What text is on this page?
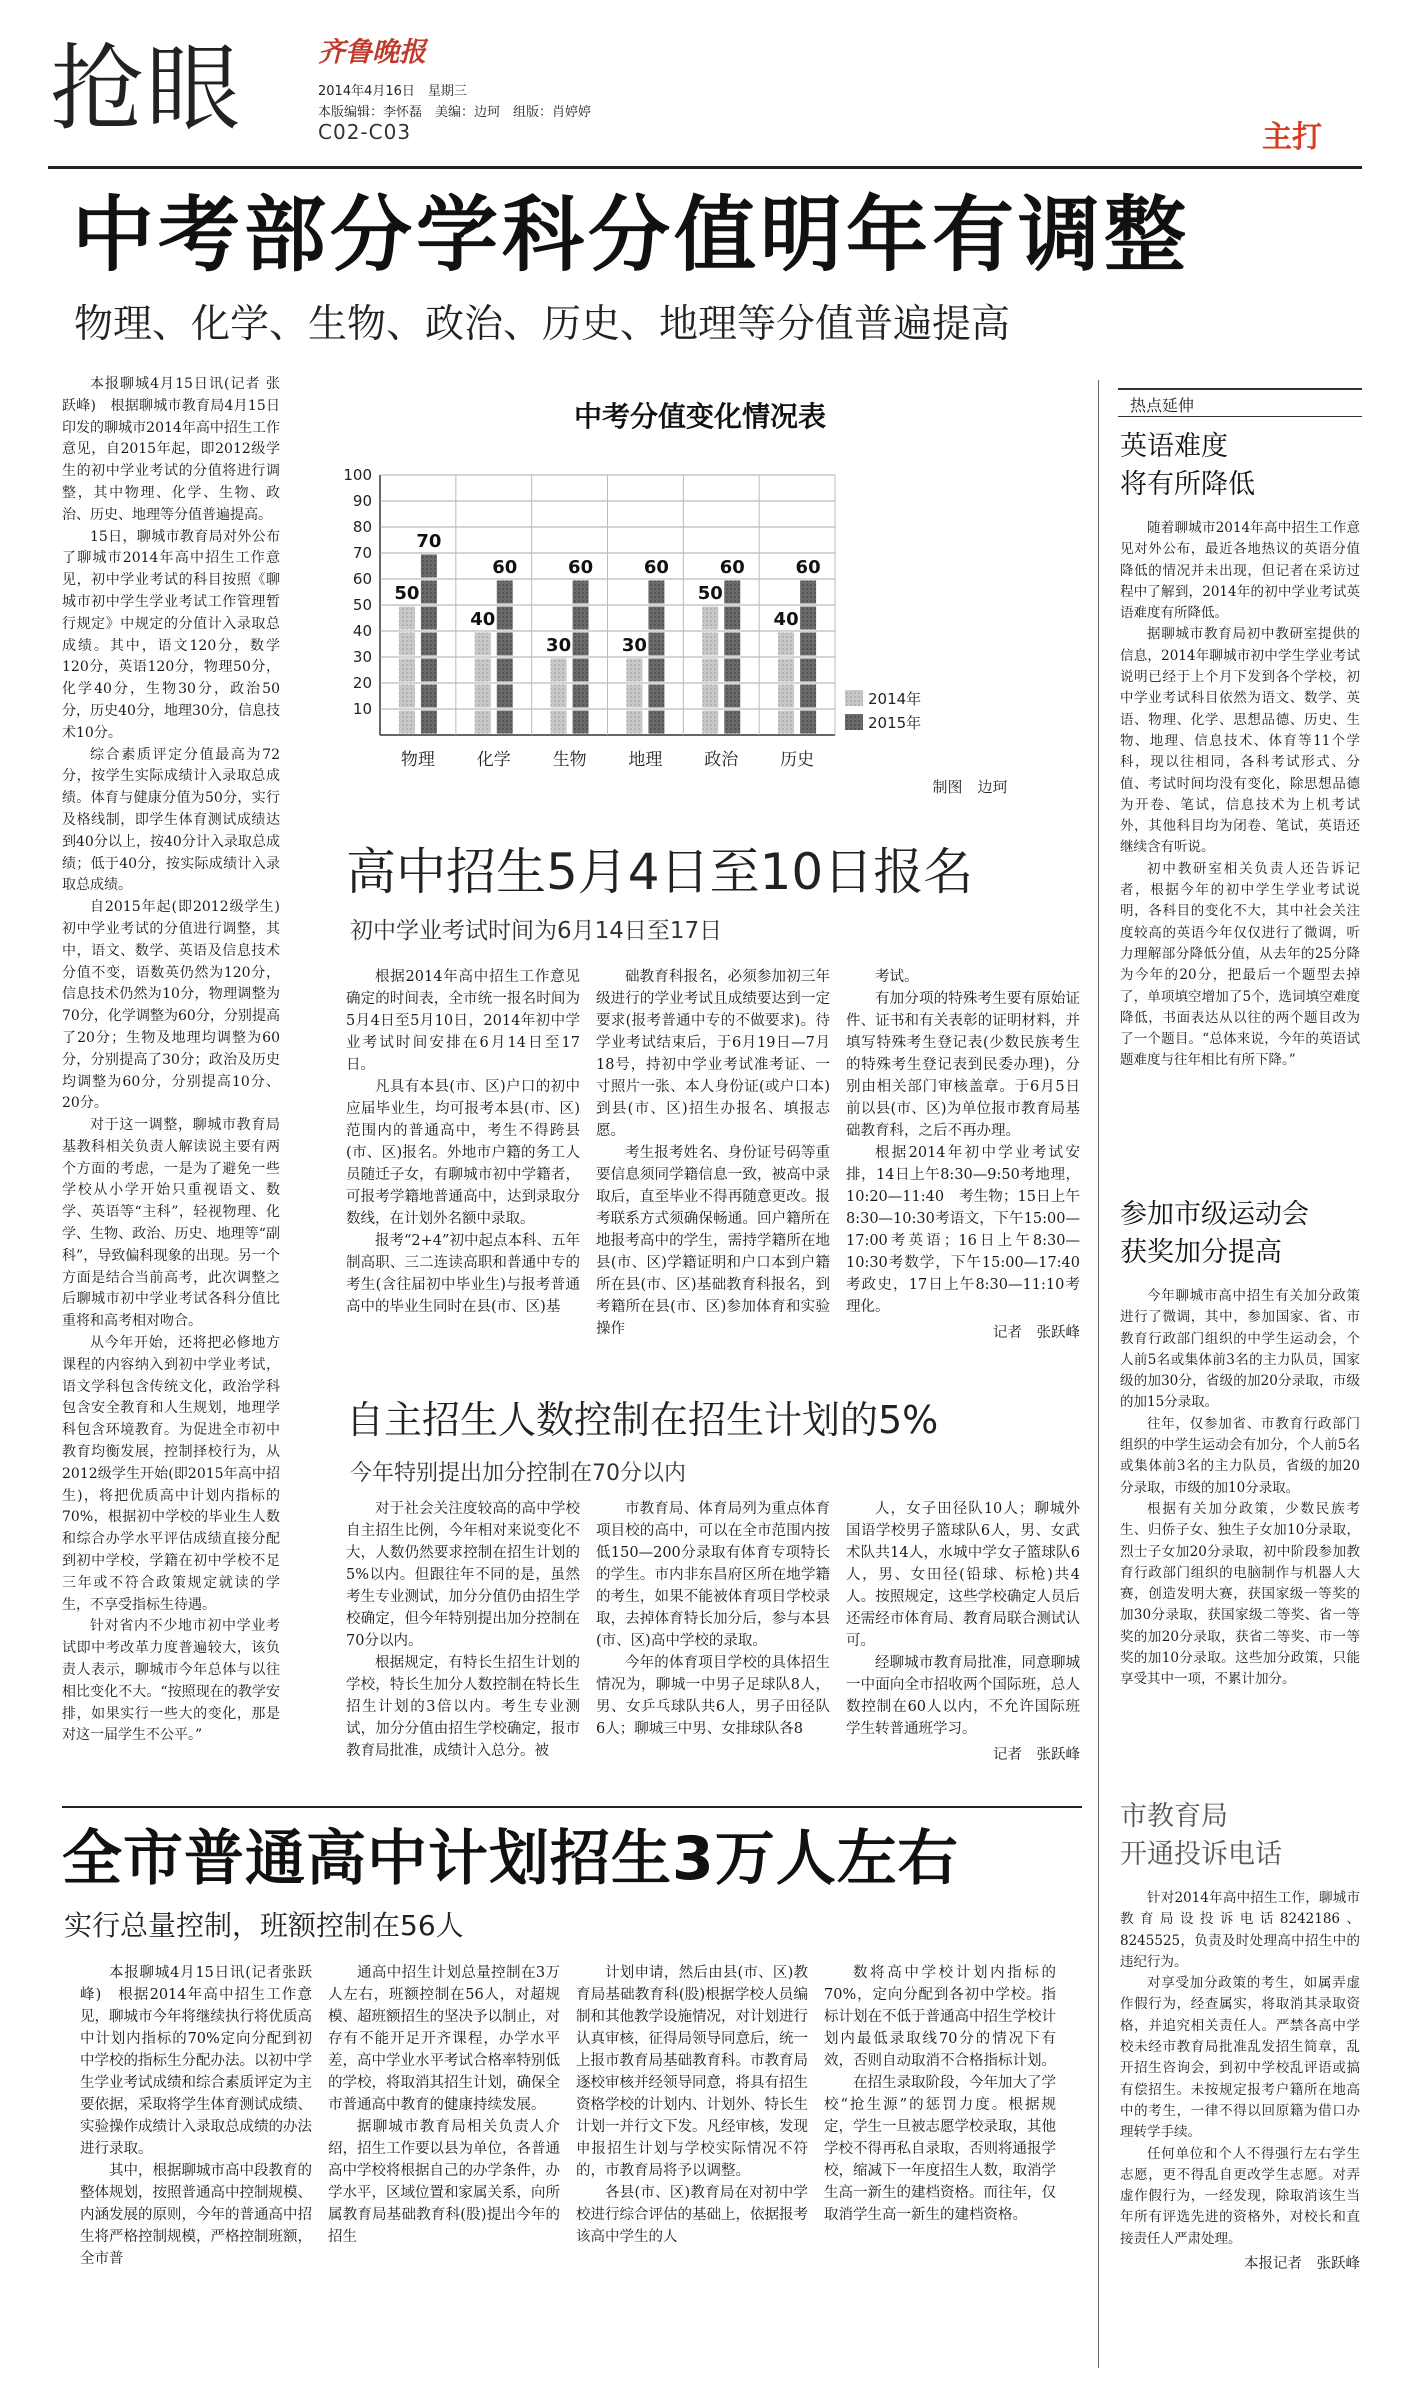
抢眼	齐鲁晚报
2014年4月16日　星期三
本版编辑：李怀磊　美编：边珂　组版：肖婷婷
C02-C03	主打
中考部分学科分值明年有调整
物理、化学、生物、政治、历史、地理等分值普遍提高

本报聊城4月15日讯(记者 张跃峰)　根据聊城市教育局4月15日印发的聊城市2014年高中招生工作意见，自2015年起，即2012级学生的初中学业考试的分值将进行调整，其中物理、化学、生物、政治、历史、地理等分值普遍提高。

15日，聊城市教育局对外公布了聊城市2014年高中招生工作意见，初中学业考试的科目按照《聊城市初中学生学业考试工作管理暂行规定》中规定的分值计入录取总成绩。其中，语文120分，数学120分，英语120分，物理50分，化学40分，生物30分，政治50分，历史40分，地理30分，信息技术10分。

综合素质评定分值最高为72分，按学生实际成绩计入录取总成绩。体育与健康分值为50分，实行及格线制，即学生体育测试成绩达到40分以上，按40分计入录取总成绩；低于40分，按实际成绩计入录取总成绩。

自2015年起(即2012级学生)初中学业考试的分值进行调整，其中，语文、数学、英语及信息技术分值不变，语数英仍然为120分，信息技术仍然为10分，物理调整为70分，化学调整为60分，分别提高了20分；生物及地理均调整为60分，分别提高了30分；政治及历史均调整为60分，分别提高10分、20分。

对于这一调整，聊城市教育局基教科相关负责人解读说主要有两个方面的考虑，一是为了避免一些学校从小学开始只重视语文、数学、英语等“主科”，轻视物理、化学、生物、政治、历史、地理等“副科”，导致偏科现象的出现。另一个方面是结合当前高考，此次调整之后聊城市初中学业考试各科分值比重将和高考相对吻合。

从今年开始，还将把必修地方课程的内容纳入到初中学业考试，语文学科包含传统文化，政治学科包含安全教育和人生规划，地理学科包含环境教育。为促进全市初中教育均衡发展，控制择校行为，从2012级学生开始(即2015年高中招生)，将把优质高中计划内指标的70%，根据初中学校的毕业生人数和综合办学水平评估成绩直接分配到初中学校，学籍在初中学校不足三年或不符合政策规定就读的学生，不享受指标生待遇。

针对省内不少地市初中学业考试即中考改革力度普遍较大，该负责人表示，聊城市今年总体与以往相比变化不大。“按照现在的教学安排，如果实行一些大的变化，那是对这一届学生不公平。”

中考分值变化情况表
50
70
40
60
30
60
30
60
50
60
40
60
10
20
30
40
50
60
70
80
90
100
物理 化学 生物 地理 政治 历史
2014年
2015年
制图　边珂
高中招生5月4日至10日报名
初中学业考试时间为6月14日至17日

根据2014年高中招生工作意见确定的时间表，全市统一报名时间为5月4日至5月10日，2014年初中学业考试时间安排在6月14日至17日。

凡具有本县(市、区)户口的初中应届毕业生，均可报考本县(市、区)范围内的普通高中，考生不得跨县(市、区)报名。外地市户籍的务工人员随迁子女，有聊城市初中学籍者，可报考学籍地普通高中，达到录取分数线，在计划外名额中录取。

报考“2+4”初中起点本科、五年制高职、三二连读高职和普通中专的考生(含往届初中毕业生)与报考普通高中的毕业生同时在县(市、区)基

础教育科报名，必须参加初三年级进行的学业考试且成绩要达到一定要求(报考普通中专的不做要求)。待学业考试结束后，于6月19日—7月18号，持初中学业考试准考证、一寸照片一张、本人身份证(或户口本)到县(市、区)招生办报名、填报志愿。

考生报考姓名、身份证号码等重要信息须同学籍信息一致，被高中录取后，直至毕业不得再随意更改。报考联系方式须确保畅通。回户籍所在地报考高中的学生，需持学籍所在地县(市、区)学籍证明和户口本到户籍所在县(市、区)基础教育科报名，到考籍所在县(市、区)参加体育和实验操作

考试。

有加分项的特殊考生要有原始证件、证书和有关表彰的证明材料，并填写特殊考生登记表(少数民族考生的特殊考生登记表到民委办理)，分别由相关部门审核盖章。于6月5日前以县(市、区)为单位报市教育局基础教育科，之后不再办理。

根据2014年初中学业考试安排，14日上午8:30—9:50考地理，10:20—11:40　考生物；15日上午8:30—10:30考语文，下午15:00—17:00考英语；16日上午8:30—10:30考数学，下午15:00—17:40考政史，17日上午8:30—11:10考理化。

记者　张跃峰
自主招生人数控制在招生计划的5%
今年特别提出加分控制在70分以内

对于社会关注度较高的高中学校自主招生比例，今年相对来说变化不大，人数仍然要求控制在招生计划的5%以内。但跟往年不同的是，虽然考生专业测试，加分分值仍由招生学校确定，但今年特别提出加分控制在70分以内。

根据规定，有特长生招生计划的学校，特长生加分人数控制在特长生招生计划的3倍以内。考生专业测试，加分分值由招生学校确定，报市教育局批准，成绩计入总分。被

市教育局、体育局列为重点体育项目校的高中，可以在全市范围内按低150—200分录取有体育专项特长的学生。市内非东昌府区所在地学籍的考生，如果不能被体育项目学校录取，去掉体育特长加分后，参与本县(市、区)高中学校的录取。

今年的体育项目学校的具体招生情况为，聊城一中男子足球队8人，男、女乒乓球队共6人，男子田径队6人；聊城三中男、女排球队各8

人，女子田径队10人；聊城外国语学校男子篮球队6人，男、女武术队共14人，水城中学女子篮球队6人，男、女田径(铅球、标枪)共4人。按照规定，这些学校确定人员后还需经市体育局、教育局联合测试认可。

经聊城市教育局批准，同意聊城一中面向全市招收两个国际班，总人数控制在60人以内，不允许国际班学生转普通班学习。

记者　张跃峰
全市普通高中计划招生3万人左右
实行总量控制，班额控制在56人

本报聊城4月15日讯(记者张跃峰)　根据2014年高中招生工作意见，聊城市今年将继续执行将优质高中计划内指标的70%定向分配到初中学校的指标生分配办法。以初中学生学业考试成绩和综合素质评定为主要依据，采取将学生体育测试成绩、实验操作成绩计入录取总成绩的办法进行录取。

其中，根据聊城市高中段教育的整体规划，按照普通高中控制规模、内涵发展的原则，今年的普通高中招生将严格控制规模，严格控制班额，全市普

通高中招生计划总量控制在3万人左右，班额控制在56人，对超规模、超班额招生的坚决予以制止，对存有不能开足开齐课程，办学水平差，高中学业水平考试合格率特别低的学校，将取消其招生计划，确保全市普通高中教育的健康持续发展。

据聊城市教育局相关负责人介绍，招生工作要以县为单位，各普通高中学校将根据自己的办学条件，办学水平，区域位置和家属关系，向所属教育局基础教育科(股)提出今年的招生

计划申请，然后由县(市、区)教育局基础教育科(股)根据学校人员编制和其他教学设施情况，对计划进行认真审核，征得局领导同意后，统一上报市教育局基础教育科。市教育局逐校审核并经领导同意，将具有招生资格学校的计划内、计划外、特长生计划一并行文下发。凡经审核，发现申报招生计划与学校实际情况不符的，市教育局将予以调整。

各县(市、区)教育局在对初中学校进行综合评估的基础上，依据报考该高中学生的人

数将高中学校计划内指标的70%，定向分配到各初中学校。指标计划在不低于普通高中招生学校计划内最低录取线70分的情况下有效，否则自动取消不合格指标计划。

在招生录取阶段，今年加大了学校“抢生源”的惩罚力度。根据规定，学生一旦被志愿学校录取，其他学校不得再私自录取，否则将通报学校，缩减下一年度招生人数，取消学生高一新生的建档资格。而往年，仅取消学生高一新生的建档资格。

热点延伸
英语难度
将有所降低

随着聊城市2014年高中招生工作意见对外公布，最近各地热议的英语分值降低的情况并未出现，但记者在采访过程中了解到，2014年的初中学业考试英语难度有所降低。

据聊城市教育局初中教研室提供的信息，2014年聊城市初中学生学业考试说明已经于上个月下发到各个学校，初中学业考试科目依然为语文、数学、英语、物理、化学、思想品德、历史、生物、地理、信息技术、体育等11个学科，现以往相同，各科考试形式、分值、考试时间均没有变化，除思想品德为开卷、笔试，信息技术为上机考试外，其他科目均为闭卷、笔试，英语还继续含有听说。

初中教研室相关负责人还告诉记者，根据今年的初中学生学业考试说明，各科目的变化不大，其中社会关注度较高的英语今年仅仅进行了微调，听力理解部分降低分值，从去年的25分降为今年的20分，把最后一个题型去掉了，单项填空增加了5个，选词填空难度降低，书面表达从以往的两个题目改为了一个题目。“总体来说，今年的英语试题难度与往年相比有所下降。”

参加市级运动会
获奖加分提高

今年聊城市高中招生有关加分政策进行了微调，其中，参加国家、省、市教育行政部门组织的中学生运动会，个人前5名或集体前3名的主力队员，国家级的加30分，省级的加20分录取，市级的加15分录取。

往年，仅参加省、市教育行政部门组织的中学生运动会有加分，个人前5名或集体前3名的主力队员，省级的加20分录取，市级的加10分录取。

根据有关加分政策，少数民族考生、归侨子女、独生子女加10分录取，烈士子女加20分录取，初中阶段参加教育行政部门组织的电脑制作与机器人大赛，创造发明大赛，获国家级一等奖的加30分录取，获国家级二等奖、省一等奖的加20分录取，获省二等奖、市一等奖的加10分录取。这些加分政策，只能享受其中一项，不累计加分。

市教育局
开通投诉电话

针对2014年高中招生工作，聊城市教育局设投诉电话8242186、8245525，负责及时处理高中招生中的违纪行为。

对享受加分政策的考生，如属弄虚作假行为，经查属实，将取消其录取资格，并追究相关责任人。严禁各高中学校未经市教育局批准乱发招生简章，乱开招生咨询会，到初中学校乱评语或搞有偿招生。未按规定报考户籍所在地高中的考生，一律不得以回原籍为借口办理转学手续。

任何单位和个人不得强行左右学生志愿，更不得乱自更改学生志愿。对弄虚作假行为，一经发现，除取消该生当年所有评选先进的资格外，对校长和直接责任人严肃处理。

本报记者　张跃峰
